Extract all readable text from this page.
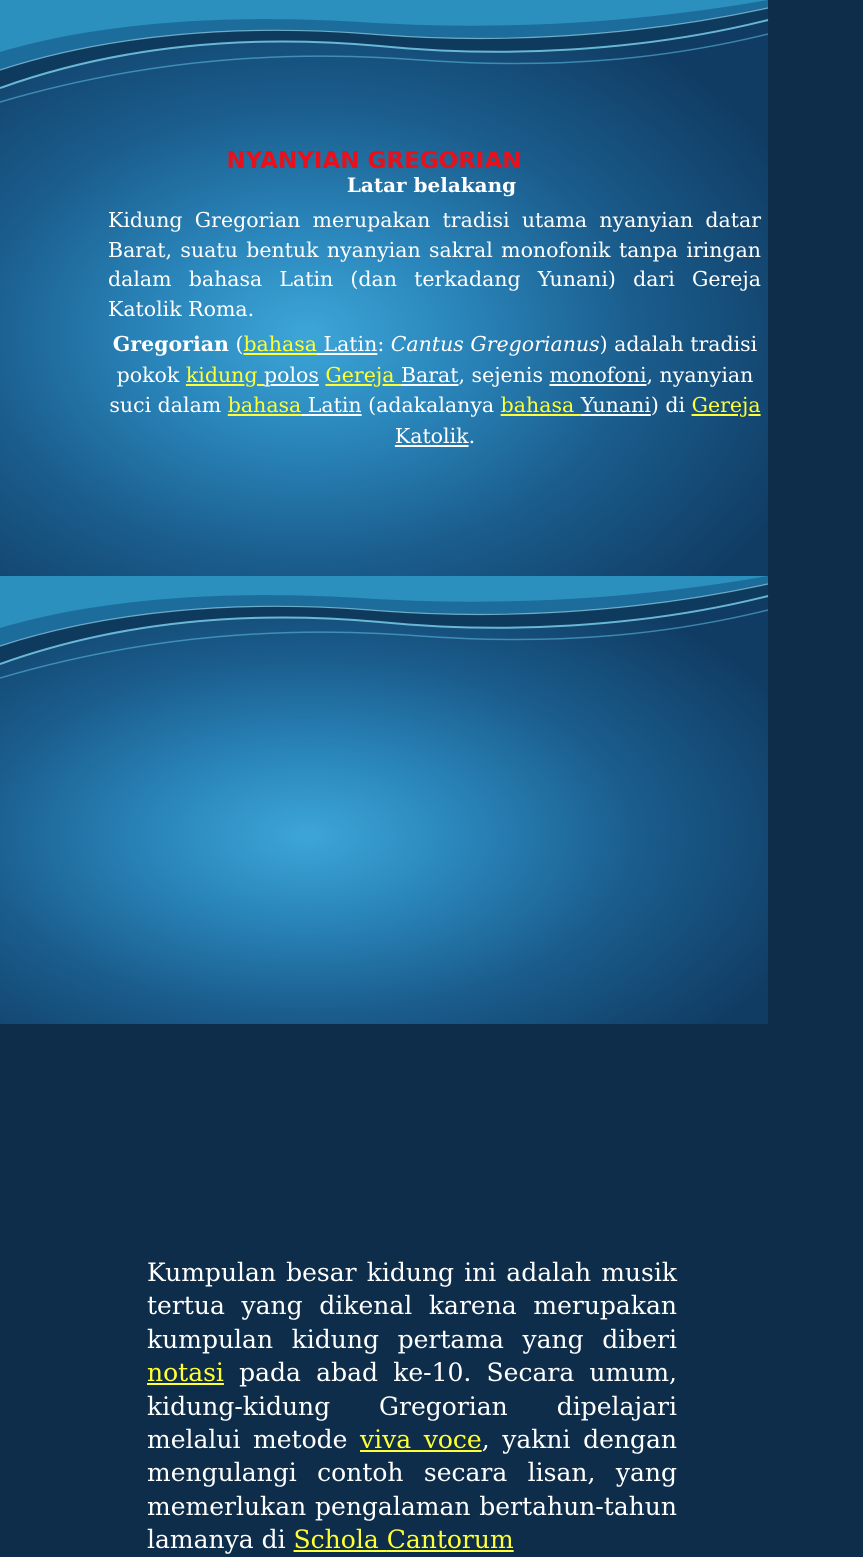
NYANYIAN GREGORIAN
Latar belakang

Kidung Gregorian merupakan tradisi utama nyanyian datar Barat, suatu bentuk nyanyian sakral monofonik tanpa iringan dalam bahasa Latin (dan terkadang Yunani) dari Gereja Katolik Roma.

Gregorian (bahasa Latin: Cantus Gregorianus) adalah tradisi pokok kidung polos Gereja Barat, sejenis monofoni, nyanyian suci dalam bahasa Latin (adakalanya bahasa Yunani) di Gereja Katolik.

Kumpulan besar kidung ini adalah musik tertua yang dikenal karena merupakan kumpulan kidung pertama yang diberi notasi pada abad ke-10. Secara umum, kidung-kidung Gregorian dipelajari melalui metode viva voce, yakni dengan mengulangi contoh secara lisan, yang memerlukan pengalaman bertahun-tahun lamanya di Schola Cantorum
